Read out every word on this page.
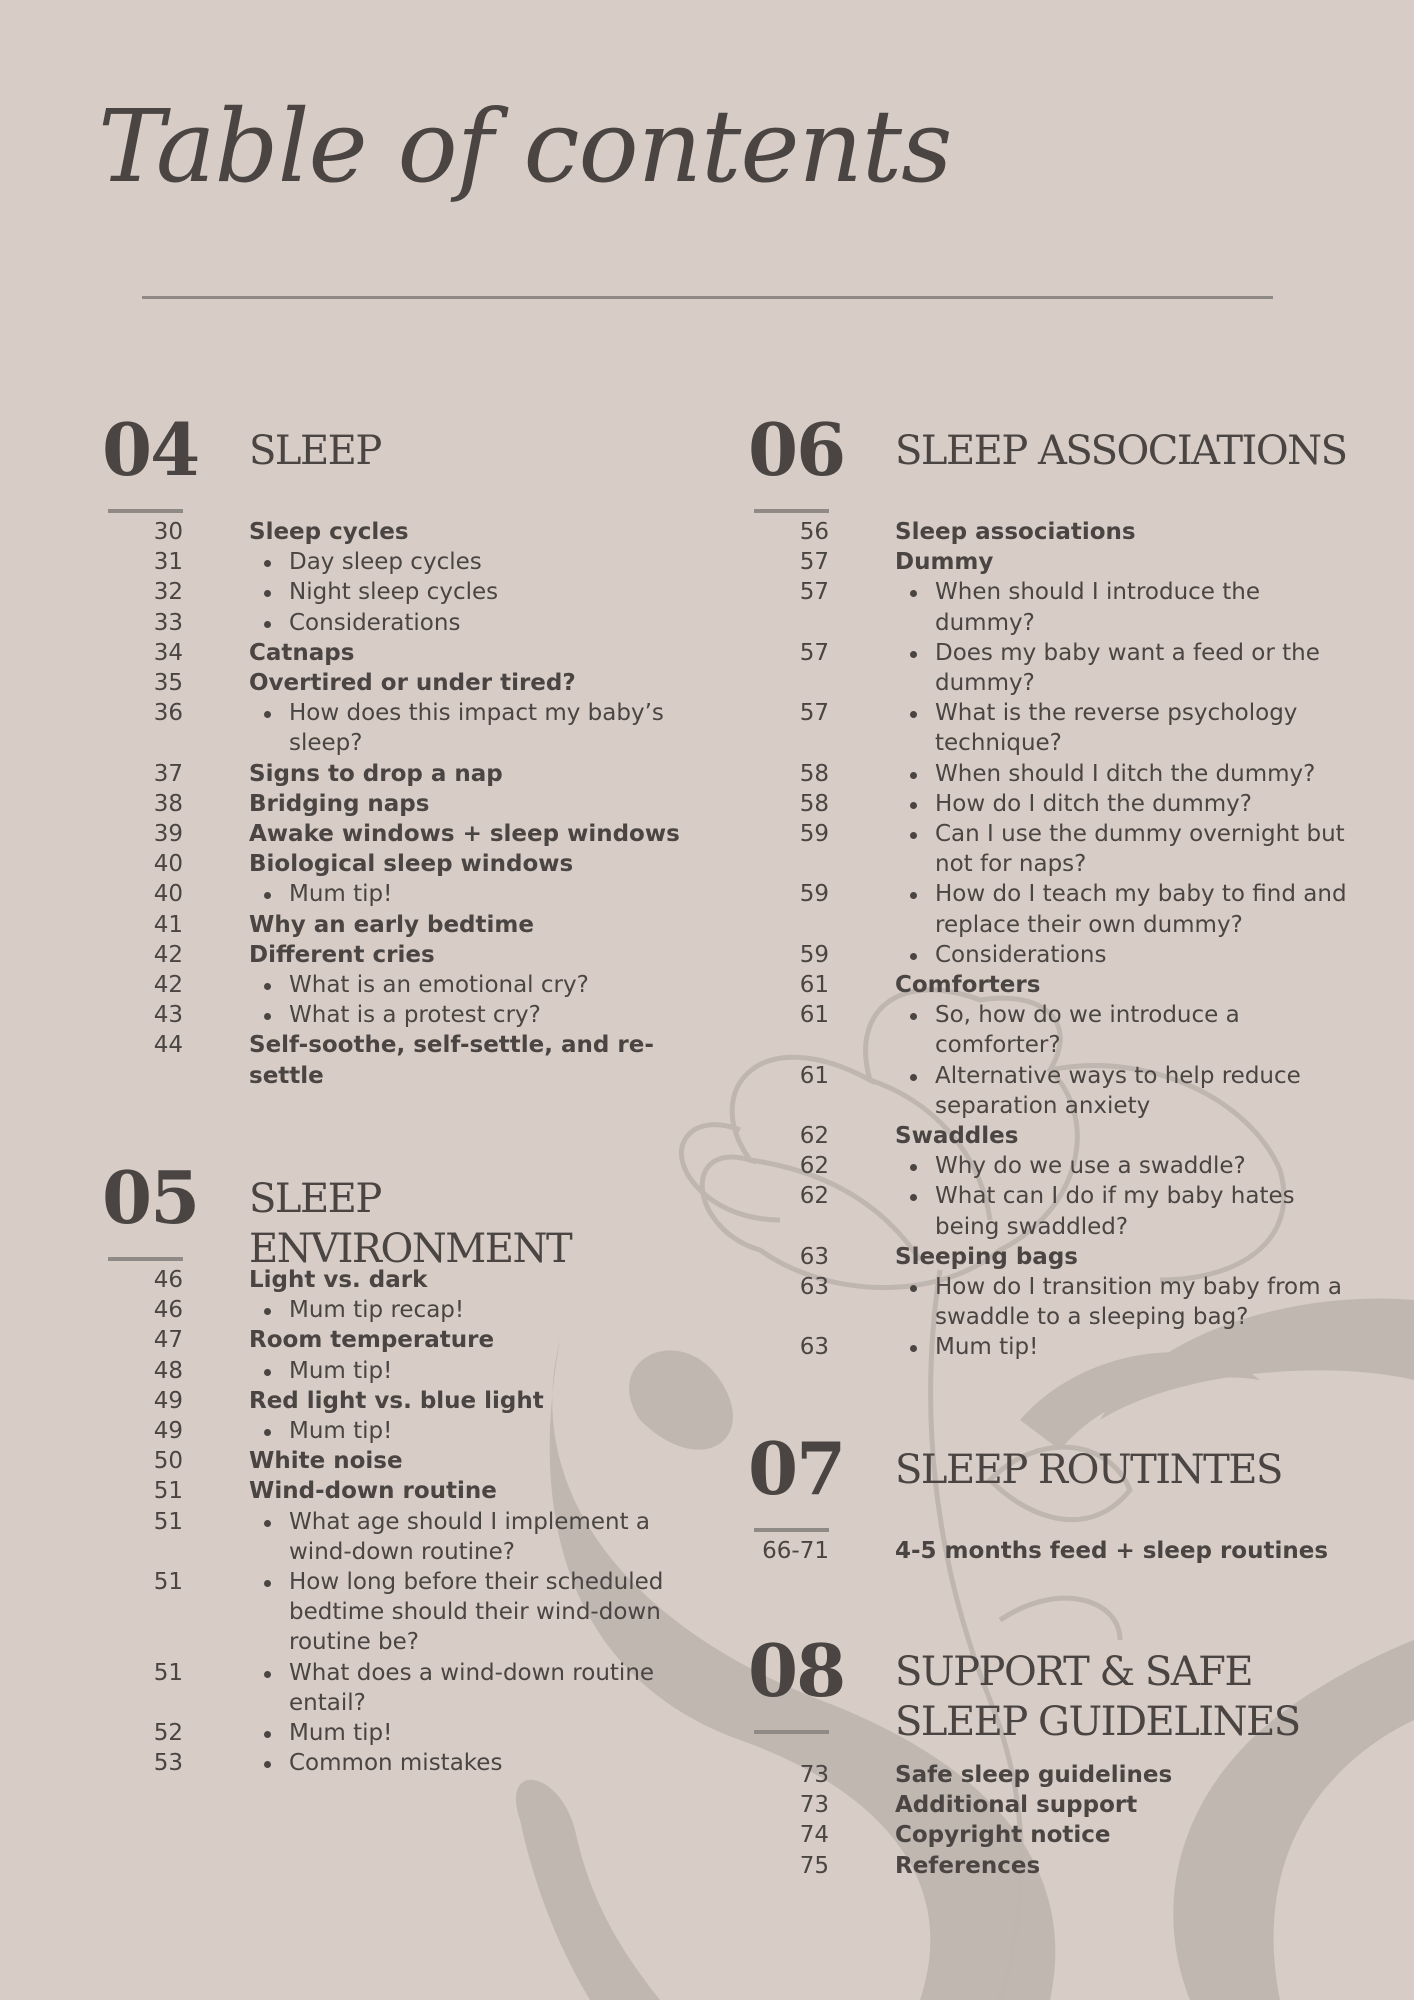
Table of contents
04 SLEEP
30	Sleep cycles
31	Day sleep cycles
32	Night sleep cycles
33	Considerations
34	Catnaps
35	Overtired or under tired?
36	How does this impact my baby’s sleep?
37	Signs to drop a nap
38	Bridging naps
39	Awake windows + sleep windows
40	Biological sleep windows
40	Mum tip!
41	Why an early bedtime
42	Different cries
42	What is an emotional cry?
43	What is a protest cry?
44	Self-soothe, self-settle, and re-settle
05 SLEEP ENVIRONMENT
46	Light vs. dark
46	Mum tip recap!
47	Room temperature
48	Mum tip!
49	Red light vs. blue light
49	Mum tip!
50	White noise
51	Wind-down routine
51	What age should I implement a wind-down routine?
51	How long before their scheduled bedtime should their wind-down routine be?
51	What does a wind-down routine entail?
52	Mum tip!
53	Common mistakes
06 SLEEP ASSOCIATIONS
56	Sleep associations
57	Dummy
57	When should I introduce the dummy?
57	Does my baby want a feed or the dummy?
57	What is the reverse psychology technique?
58	When should I ditch the dummy?
58	How do I ditch the dummy?
59	Can I use the dummy overnight but not for naps?
59	How do I teach my baby to find and replace their own dummy?
59	Considerations
61	Comforters
61	So, how do we introduce a comforter?
61	Alternative ways to help reduce separation anxiety
62	Swaddles
62	Why do we use a swaddle?
62	What can I do if my baby hates being swaddled?
63	Sleeping bags
63	How do I transition my baby from a swaddle to a sleeping bag?
63	Mum tip!
07 SLEEP ROUTINTES
66-71	4-5 months feed + sleep routines
08 SUPPORT & SAFE SLEEP GUIDELINES
73	Safe sleep guidelines
73	Additional support
74	Copyright notice
75	References
